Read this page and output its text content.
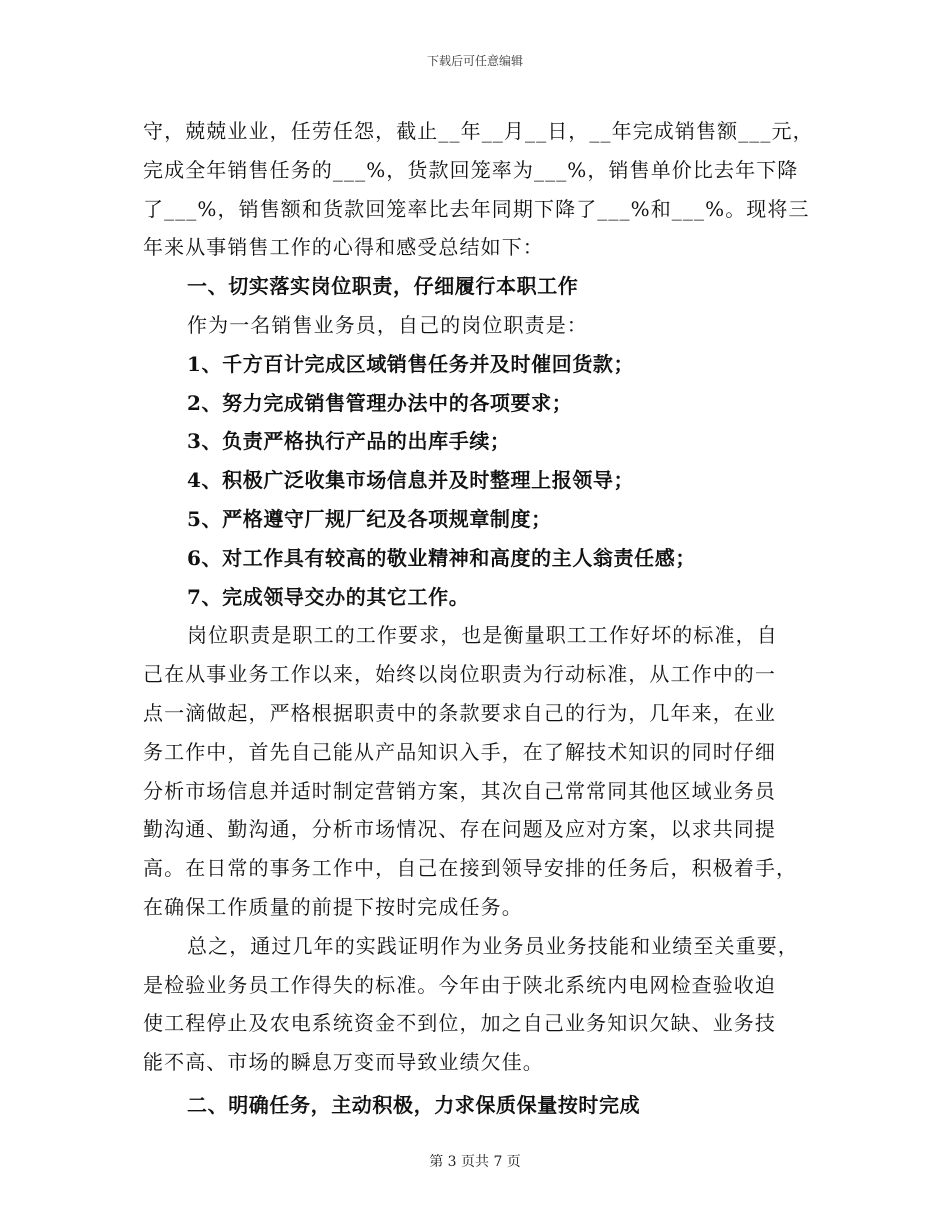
下载后可任意编辑
守，兢兢业业，任劳任怨，截止__年__月__日，__年完成销售额___元，
完成全年销售任务的___%，货款回笼率为___%，销售单价比去年下降
了___%，销售额和货款回笼率比去年同期下降了___%和___%。现将三
年来从事销售工作的心得和感受总结如下：
一、切实落实岗位职责，仔细履行本职工作
作为一名销售业务员，自己的岗位职责是：
1、千方百计完成区域销售任务并及时催回货款；
2、努力完成销售管理办法中的各项要求；
3、负责严格执行产品的出库手续；
4、积极广泛收集市场信息并及时整理上报领导；
5、严格遵守厂规厂纪及各项规章制度；
6、对工作具有较高的敬业精神和高度的主人翁责任感；
7、完成领导交办的其它工作。
岗位职责是职工的工作要求，也是衡量职工工作好坏的标准，自
己在从事业务工作以来，始终以岗位职责为行动标准，从工作中的一
点一滴做起，严格根据职责中的条款要求自己的行为，几年来，在业
务工作中，首先自己能从产品知识入手，在了解技术知识的同时仔细
分析市场信息并适时制定营销方案，其次自己常常同其他区域业务员
勤沟通、勤沟通，分析市场情况、存在问题及应对方案，以求共同提
高。在日常的事务工作中，自己在接到领导安排的任务后，积极着手，
在确保工作质量的前提下按时完成任务。
总之，通过几年的实践证明作为业务员业务技能和业绩至关重要，
是检验业务员工作得失的标准。今年由于陕北系统内电网检查验收迫
使工程停止及农电系统资金不到位，加之自己业务知识欠缺、业务技
能不高、市场的瞬息万变而导致业绩欠佳。
二、明确任务，主动积极，力求保质保量按时完成
第 3 页共 7 页
